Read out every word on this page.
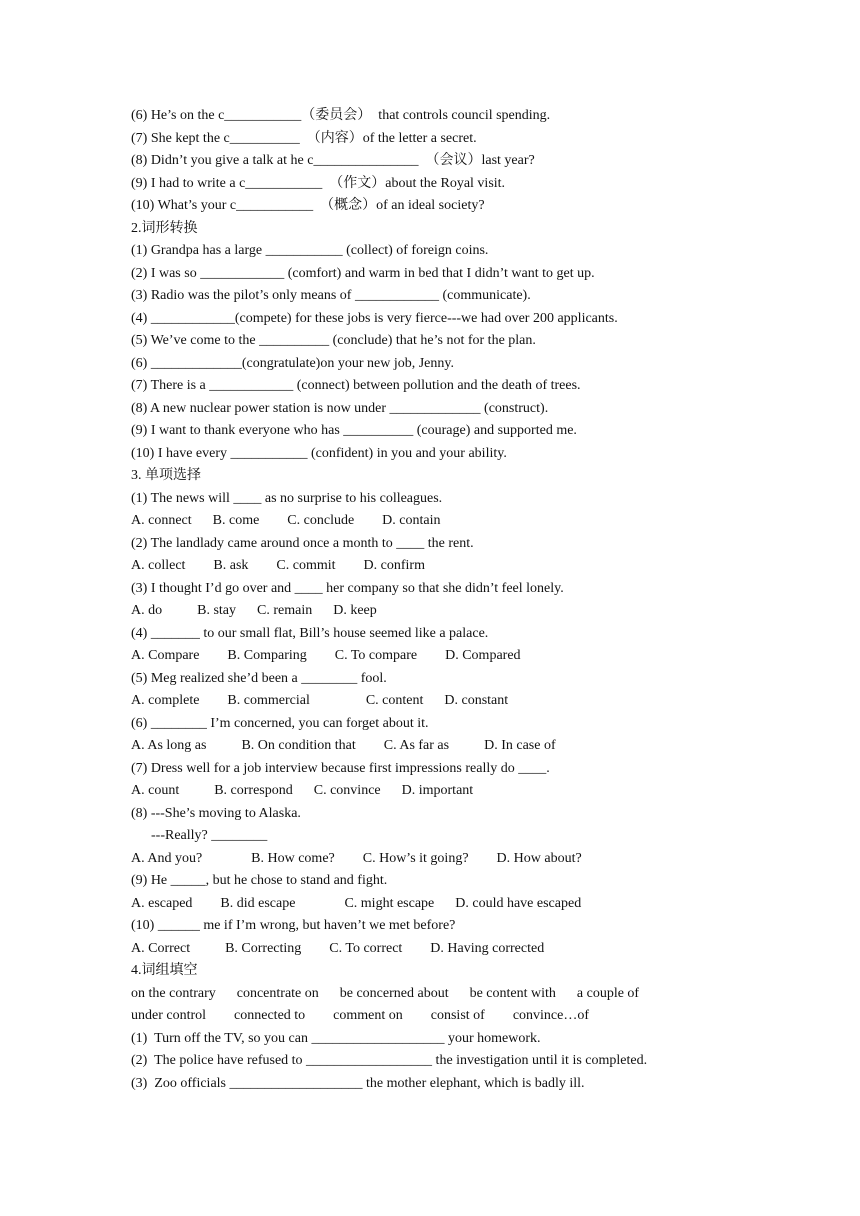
(6) He’s on the c___________（委员会）  that controls council spending.
(7) She kept the c__________  （内容）of the letter a secret.
(8) Didn’t you give a talk at he c_______________  （会议）last year?
(9) I had to write a c___________  （作文）about the Royal visit.
(10) What’s your c___________  （概念）of an ideal society?
2.词形转换
(1) Grandpa has a large ___________ (collect) of foreign coins.
(2) I was so ____________ (comfort) and warm in bed that I didn’t want to get up.
(3) Radio was the pilot’s only means of ____________ (communicate).
(4) ____________(compete) for these jobs is very fierce---we had over 200 applicants.
(5) We’ve come to the __________ (conclude) that he’s not for the plan.
(6) _____________(congratulate)on your new job, Jenny.
(7) There is a ____________ (connect) between pollution and the death of trees.
(8) A new nuclear power station is now under _____________ (construct).
(9) I want to thank everyone who has __________ (courage) and supported me.
(10) I have every ___________ (confident) in you and your ability.
3. 单项选择
(1) The news will ____ as no surprise to his colleagues.
A. connect      B. come        C. conclude        D. contain
(2) The landlady came around once a month to ____ the rent.
A. collect        B. ask        C. commit        D. confirm
(3) I thought I’d go over and ____ her company so that she didn’t feel lonely.
A. do          B. stay      C. remain      D. keep
(4) _______ to our small flat, Bill’s house seemed like a palace.
A. Compare        B. Comparing        C. To compare        D. Compared
(5) Meg realized she’d been a ________ fool.
A. complete        B. commercial                C. content      D. constant
(6) ________ I’m concerned, you can forget about it.
A. As long as          B. On condition that        C. As far as          D. In case of
(7) Dress well for a job interview because first impressions really do ____.
A. count          B. correspond      C. convince      D. important
(8) ---She’s moving to Alaska.
---Really? ________
A. And you?              B. How come?        C. How’s it going?        D. How about?
(9) He _____, but he chose to stand and fight.
A. escaped        B. did escape              C. might escape      D. could have escaped
(10) ______ me if I’m wrong, but haven’t we met before?
A. Correct          B. Correcting        C. To correct        D. Having corrected
4.词组填空
on the contrary      concentrate on      be concerned about      be content with      a couple of
under control        connected to        comment on        consist of        convince…of
(1)  Turn off the TV, so you can ___________________ your homework.
(2)  The police have refused to __________________ the investigation until it is completed.
(3)  Zoo officials ___________________ the mother elephant, which is badly ill.
